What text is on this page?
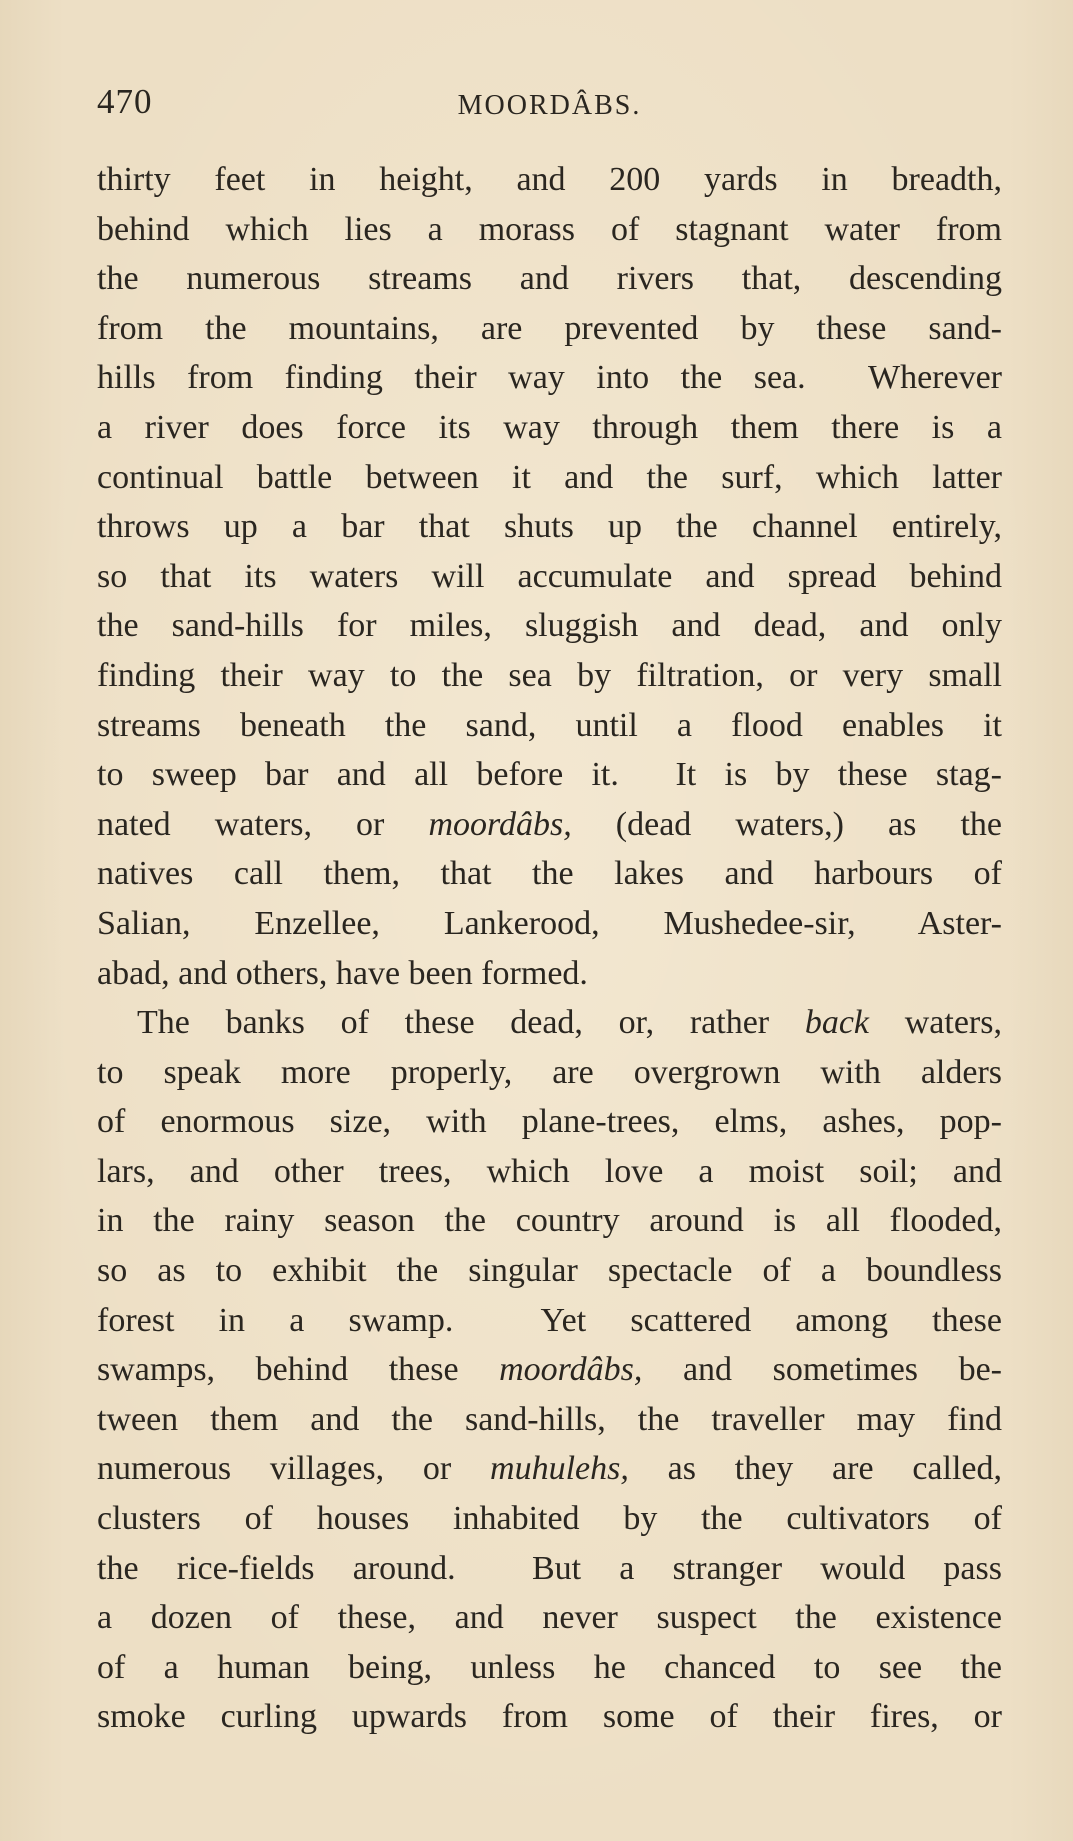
470	MOORDÂBS.
thirty feet in height, and 200 yards in breadth,
behind which lies a morass of stagnant water from
the numerous streams and rivers that, descending
from the mountains, are prevented by these sand-
hills from finding their way into the sea.  Wherever
a river does force its way through them there is a
continual battle between it and the surf, which latter
throws up a bar that shuts up the channel entirely,
so that its waters will accumulate and spread behind
the sand-hills for miles, sluggish and dead, and only
finding their way to the sea by filtration, or very small
streams beneath the sand, until a flood enables it
to sweep bar and all before it.  It is by these stag-
nated waters, or moordâbs, (dead waters,) as the
natives call them, that the lakes and harbours of
Salian, Enzellee, Lankerood, Mushedee-sir, Aster-
abad, and others, have been formed.
The banks of these dead, or, rather back waters,
to speak more properly, are overgrown with alders
of enormous size, with plane-trees, elms, ashes, pop-
lars, and other trees, which love a moist soil; and
in the rainy season the country around is all flooded,
so as to exhibit the singular spectacle of a boundless
forest in a swamp.  Yet scattered among these
swamps, behind these moordâbs, and sometimes be-
tween them and the sand-hills, the traveller may find
numerous villages, or muhulehs, as they are called,
clusters of houses inhabited by the cultivators of
the rice-fields around.  But a stranger would pass
a dozen of these, and never suspect the existence
of a human being, unless he chanced to see the
smoke curling upwards from some of their fires, or
